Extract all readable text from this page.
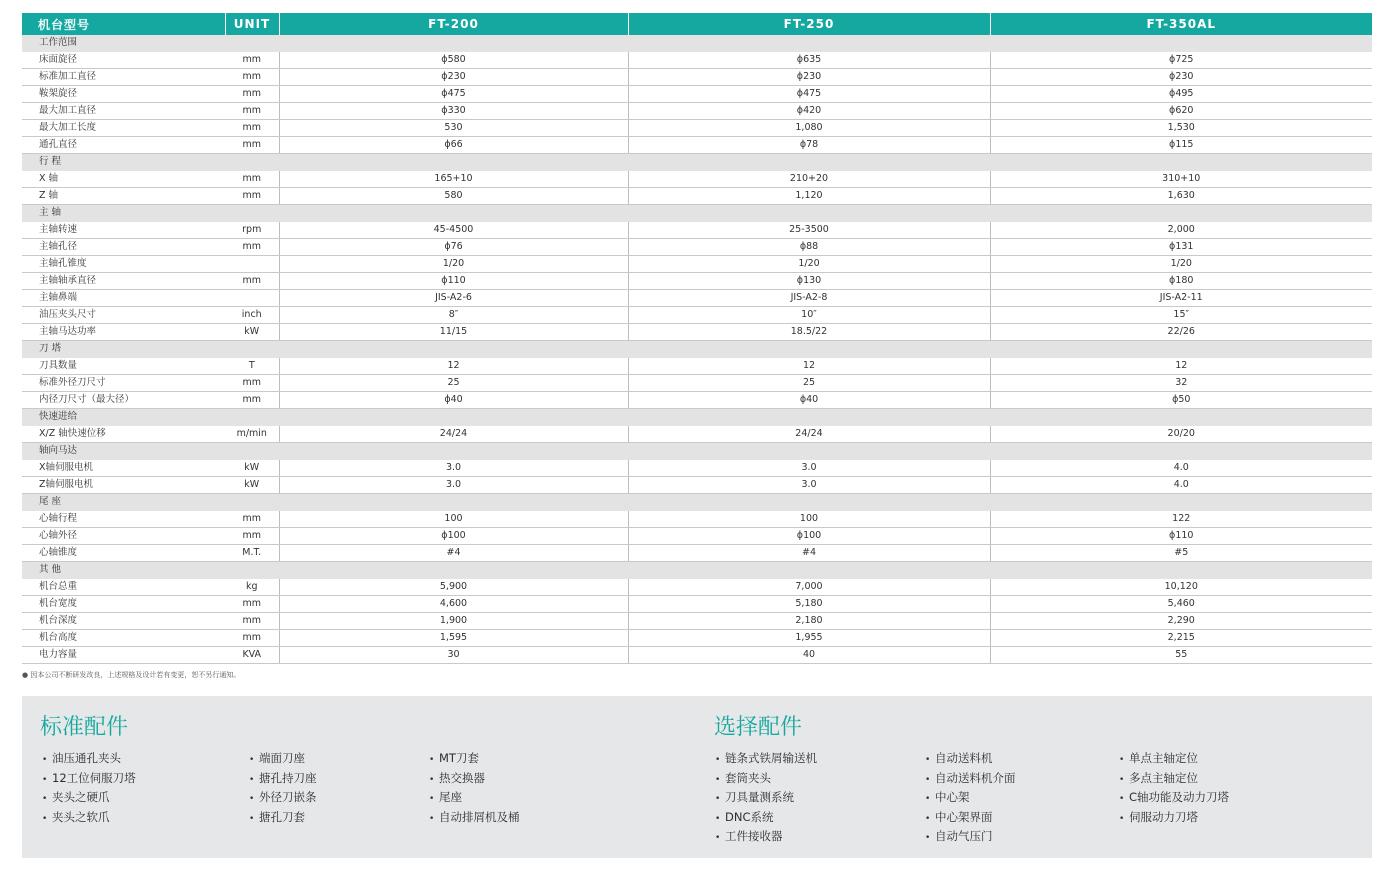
机台型号	UNIT	FT-200	FT-250	FT-350AL
工作范围				
床面旋径	mm	ϕ580	ϕ635	ϕ725
标准加工直径	mm	ϕ230	ϕ230	ϕ230
鞍架旋径	mm	ϕ475	ϕ475	ϕ495
最大加工直径	mm	ϕ330	ϕ420	ϕ620
最大加工长度	mm	530	1,080	1,530
通孔直径	mm	ϕ66	ϕ78	ϕ115
行 程				
X 轴	mm	165+10	210+20	310+10
Z 轴	mm	580	1,120	1,630
主 轴				
主轴转速	rpm	45-4500	25-3500	2,000
主轴孔径	mm	ϕ76	ϕ88	ϕ131
主轴孔锥度		1/20	1/20	1/20
主轴轴承直径	mm	ϕ110	ϕ130	ϕ180
主轴鼻端		JIS-A2-6	JIS-A2-8	JIS-A2-11
油压夹头尺寸	inch	8″	10″	15″
主轴马达功率	kW	11/15	18.5/22	22/26
刀 塔				
刀具数量	T	12	12	12
标准外径刀尺寸	mm	25	25	32
内径刀尺寸（最大径）	mm	ϕ40	ϕ40	ϕ50
快速进给				
X/Z 轴快速位移	m/min	24/24	24/24	20/20
轴向马达				
X轴伺服电机	kW	3.0	3.0	4.0
Z轴伺服电机	kW	3.0	3.0	4.0
尾 座				
心轴行程	mm	100	100	122
心轴外径	mm	ϕ100	ϕ100	ϕ110
心轴锥度	M.T.	#4	#4	#5
其 他				
机台总重	kg	5,900	7,000	10,120
机台宽度	mm	4,600	5,180	5,460
机台深度	mm	1,900	2,180	2,290
机台高度	mm	1,595	1,955	2,215
电力容量	KVA	30	40	55
● 因本公司不断研发改良，上述规格及设计若有变更，恕不另行通知。
标准配件
• 油压通孔夹头
• 12工位伺服刀塔
• 夹头之硬爪
• 夹头之软爪
• 端面刀座
• 搪孔持刀座
• 外径刀嵌条
• 搪孔刀套
• MT刀套
• 热交换器
• 尾座
• 自动排屑机及桶
选择配件
• 链条式铁屑输送机
• 套筒夹头
• 刀具量测系统
• DNC系统
• 工件接收器
• 自动送料机
• 自动送料机介面
• 中心架
• 中心架界面
• 自动气压门
• 单点主轴定位
• 多点主轴定位
• C轴功能及动力刀塔
• 伺服动力刀塔
